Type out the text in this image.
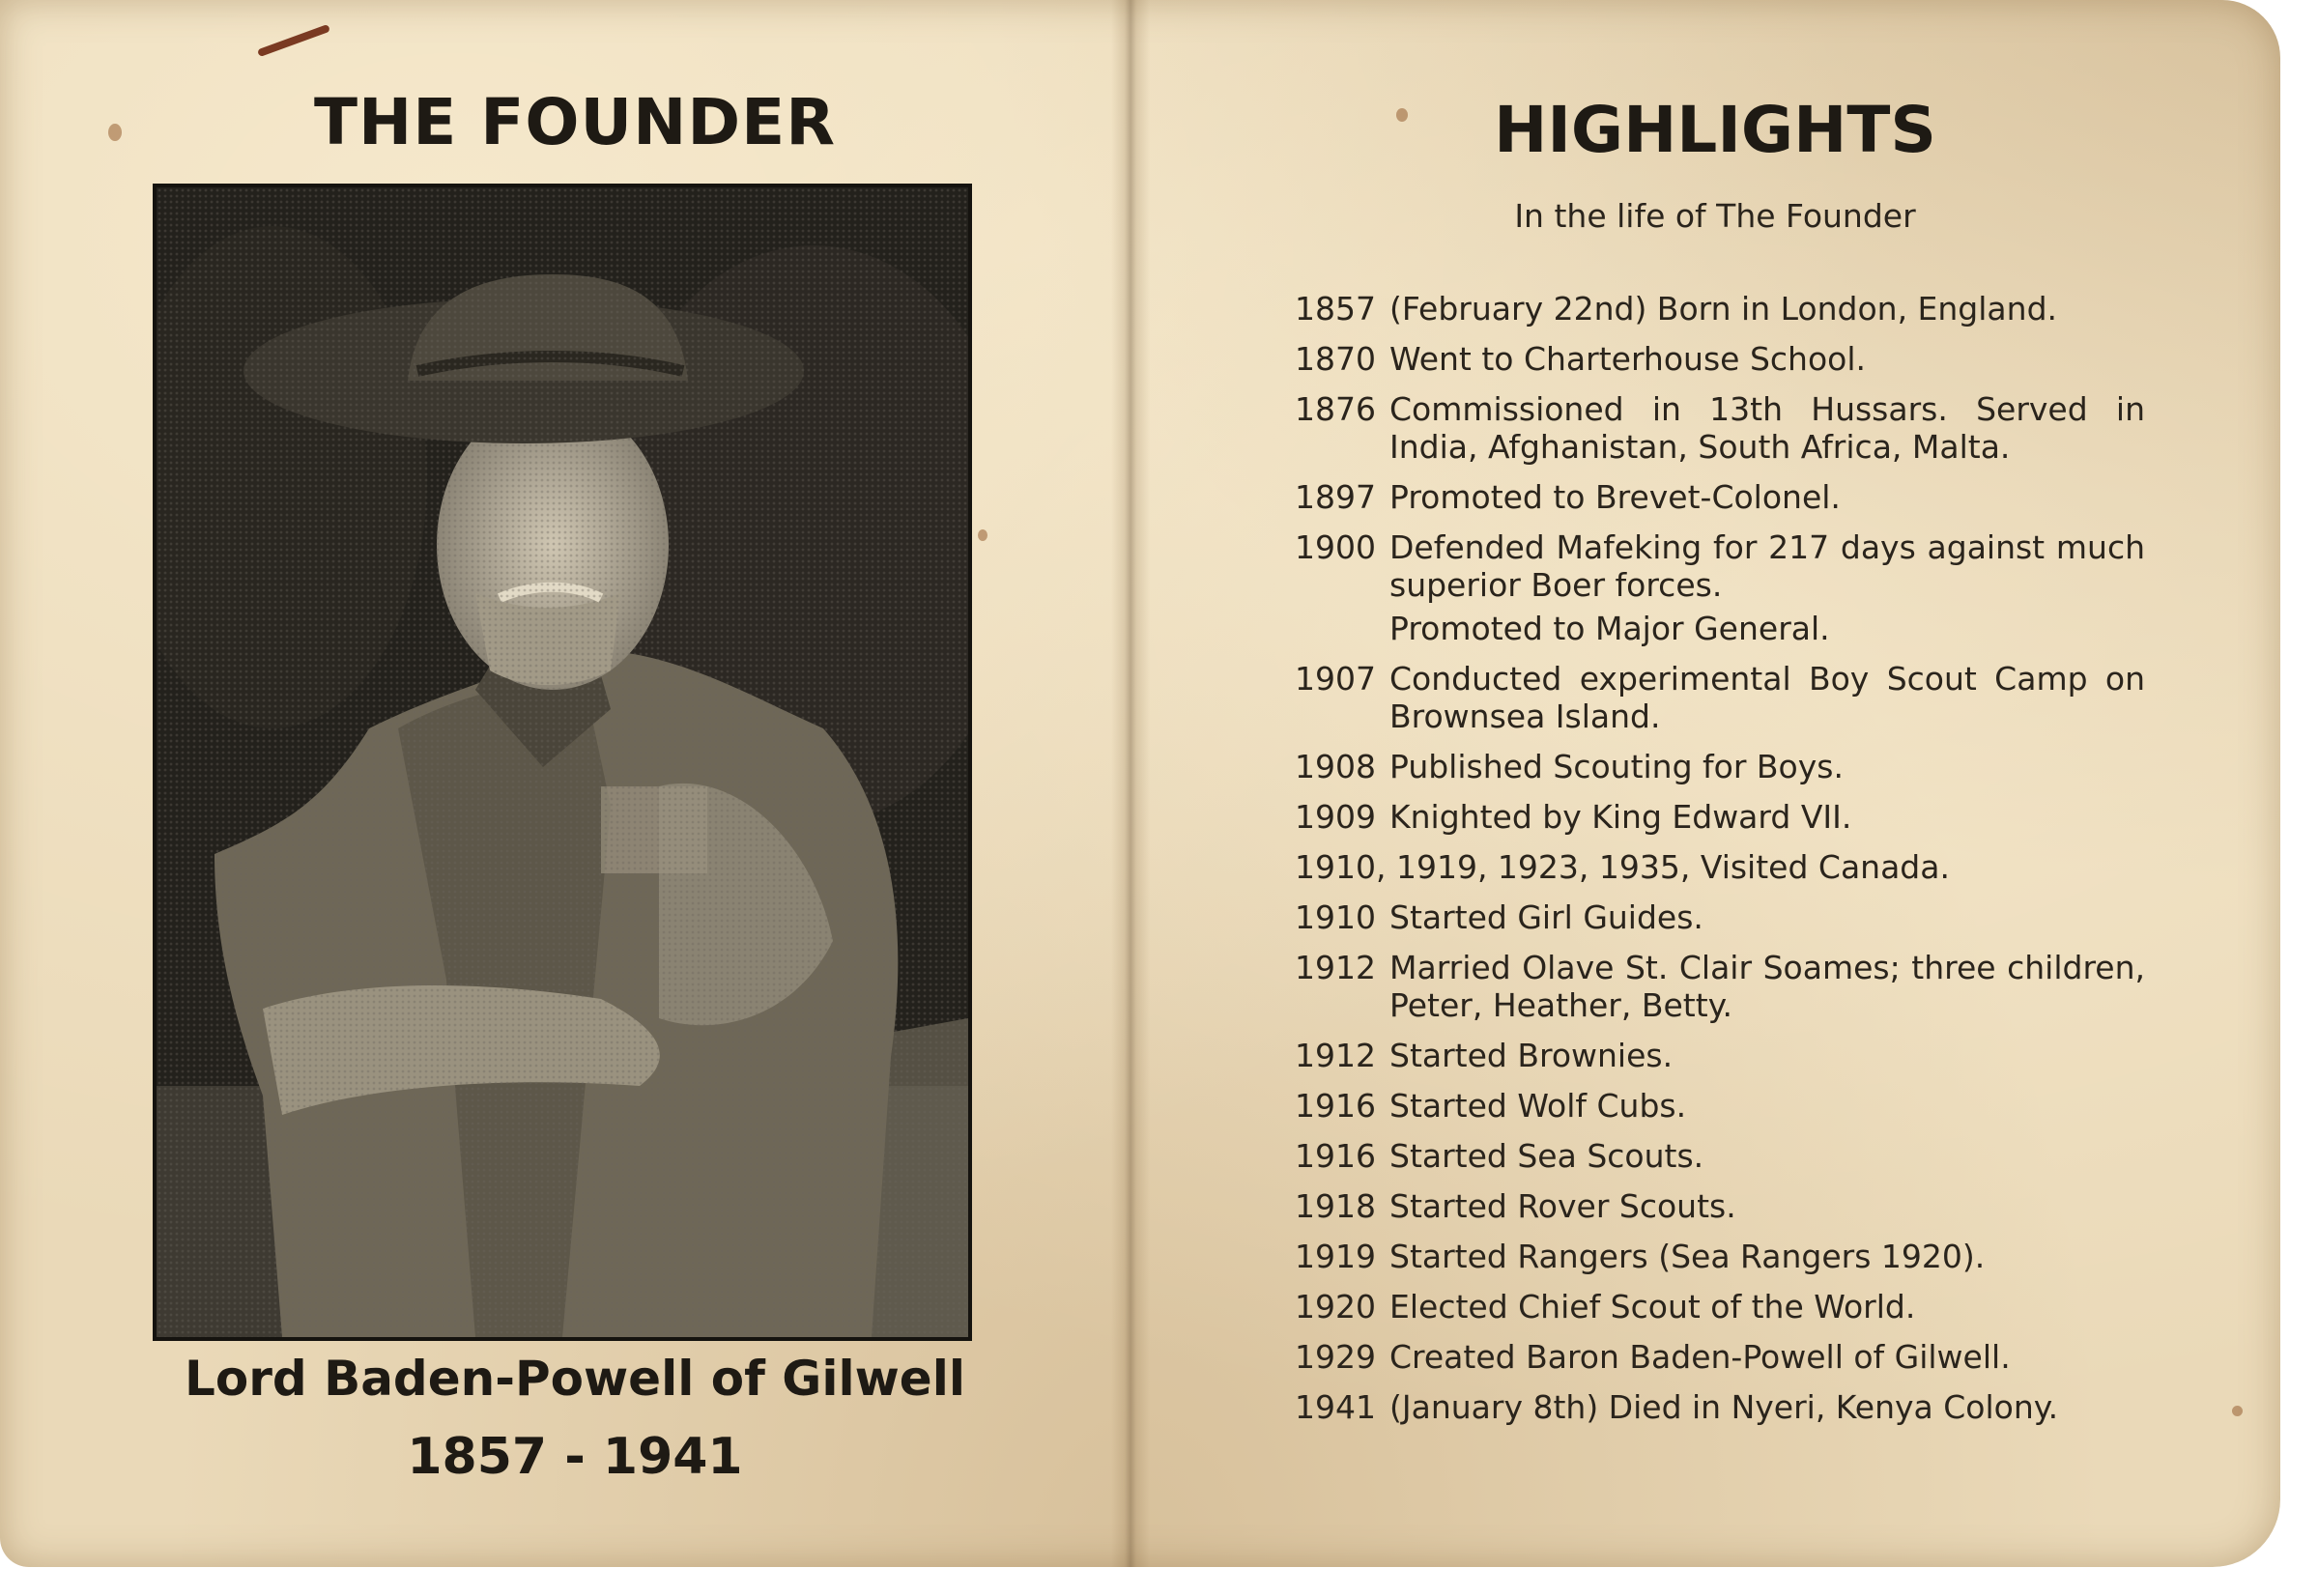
THE FOUNDER
Lord Baden-Powell of Gilwell
1857 - 1941
HIGHLIGHTS
In the life of The Founder
1857 (February 22nd) Born in London, England.
1870 Went to Charterhouse School.
1876 Commissioned in 13th Hussars. Served in India, Afghanistan, South Africa, Malta.
1897 Promoted to Brevet-Colonel.
1900 Defended Mafeking for 217 days against much superior Boer forces.
Promoted to Major General.
1907 Conducted experimental Boy Scout Camp on Brownsea Island.
1908 Published Scouting for Boys.
1909 Knighted by King Edward VII.
1910, 1919, 1923, 1935, Visited Canada.
1910 Started Girl Guides.
1912 Married Olave St. Clair Soames; three children, Peter, Heather, Betty.
1912 Started Brownies.
1916 Started Wolf Cubs.
1916 Started Sea Scouts.
1918 Started Rover Scouts.
1919 Started Rangers (Sea Rangers 1920).
1920 Elected Chief Scout of the World.
1929 Created Baron Baden-Powell of Gilwell.
1941 (January 8th) Died in Nyeri, Kenya Colony.
